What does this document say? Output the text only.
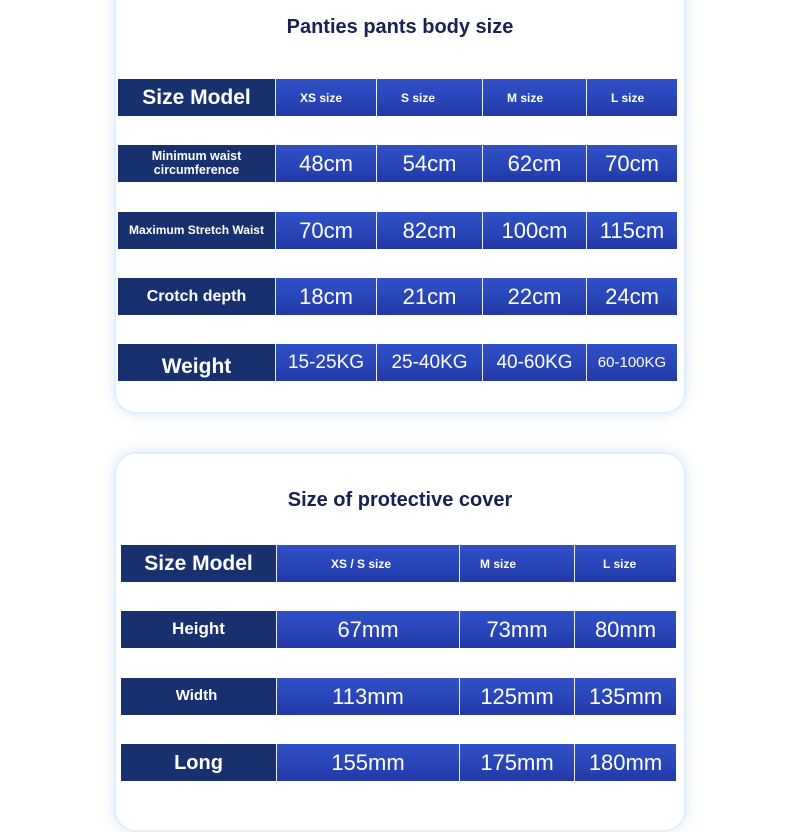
Panties pants body size
Size Model	XS size	S size	M size	L size
Minimum waist circumference	48cm	54cm	62cm	70cm
Maximum Stretch Waist	70cm	82cm	100cm	115cm
Crotch depth	18cm	21cm	22cm	24cm
Weight	15-25KG	25-40KG	40-60KG	60-100KG
Size of protective cover
Size Model	XS / S size	M size	L size
Height	67mm	73mm	80mm
Width	113mm	125mm	135mm
Long	155mm	175mm	180mm
